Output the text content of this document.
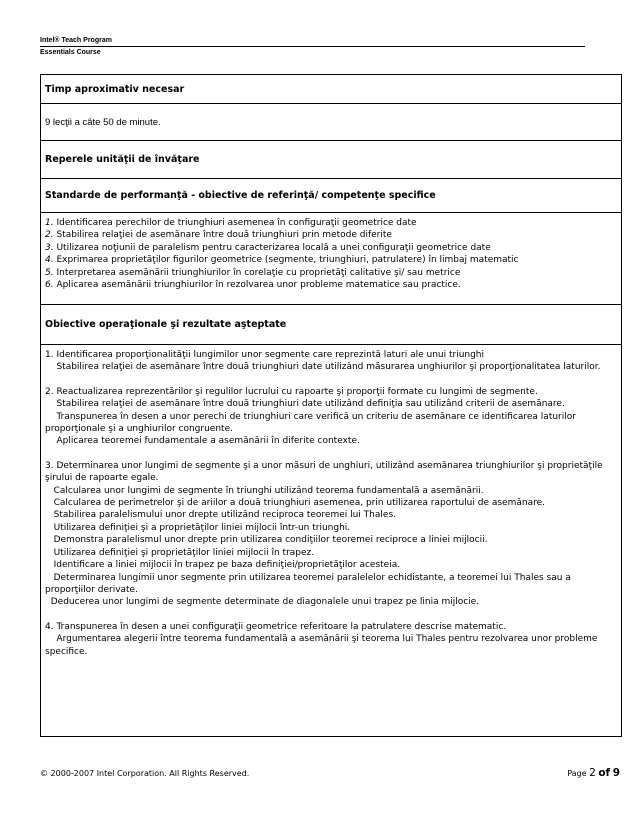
Intel® Teach Program
Essentials Course
Timp aproximativ necesar
9 lecţii a câte 50 de minute.
Reperele unităţii de învăţare
Standarde de performanţă - obiective de referinţă/ competenţe specifice

1. Identificarea perechilor de triunghiuri asemenea în configuraţii geometrice date

2. Stabilirea relaţiei de asemănare între două triunghiuri prin metode diferite

3. Utilizarea noţiunii de paralelism pentru caracterizarea locală a unei configuraţii geometrice date

4. Exprimarea proprietăţilor figurilor geometrice (segmente, triunghiuri, patrulatere) în limbaj matematic

5. Interpretarea asemănării triunghiurilor în corelaţie cu proprietăţi calitative şi/ sau metrice

6. Aplicarea asemănării triunghiurilor în rezolvarea unor probleme matematice sau practice.

Obiective operaţionale şi rezultate aşteptate

1. Identificarea proporţionalităţii lungimilor unor segmente care reprezintă laturi ale unui triunghi

Stabilirea relaţiei de asemănare între două triunghiuri date utilizând măsurarea unghiurilor şi proporţionalitatea laturilor.

2. Reactualizarea reprezentărilor şi regulilor lucrului cu rapoarte şi proporţii formate cu lungimi de segmente.

Stabilirea relaţiei de asemănare între două triunghiuri date utilizând definiţia sau utilizând criterii de asemănare.

Transpunerea în desen a unor perechi de triunghiuri care verifică un criteriu de asemănare ce identificarea laturilor proporţionale şi a unghiurilor congruente.

Aplicarea teoremei fundamentale a asemănării în diferite contexte.

3. Determinarea unor lungimi de segmente şi a unor măsuri de unghiuri, utilizând asemănarea triunghiurilor şi proprietăţile şirului de rapoarte egale.

Calcularea unor lungimi de segmente în triunghi utilizând teorema fundamentală a asemănării.

Calcularea de perimetrelor şi de ariilor a două triunghiuri asemenea, prin utilizarea raportului de asemănare.

Stabilirea paralelismului unor drepte utilizând reciproca teoremei lui Thales.

Utilizarea definiţiei şi a proprietăţilor liniei mijlocii într-un triunghi.

Demonstra paralelismul unor drepte prin utilizarea condiţiilor teoremei reciproce a liniei mijlocii.

Utilizarea definiţiei şi proprietăţilor liniei mijlocii în trapez.

Identificare a liniei mijlocii în trapez pe baza definiţiei/proprietăţilor acesteia.

Determinarea lungimii unor segmente prin utilizarea teoremei paralelelor echidistante, a teoremei lui Thales sau a proporţiilor derivate.

Deducerea unor lungimi de segmente determinate de diagonalele unui trapez pe linia mijlocie.

4. Transpunerea în desen a unei configuraţii geometrice referitoare la patrulatere descrise matematic.

Argumentarea alegerii între teorema fundamentală a asemănării şi teorema lui Thales pentru rezolvarea unor probleme specifice.

© 2000-2007 Intel Corporation. All Rights Reserved.	Page 2 of 9
